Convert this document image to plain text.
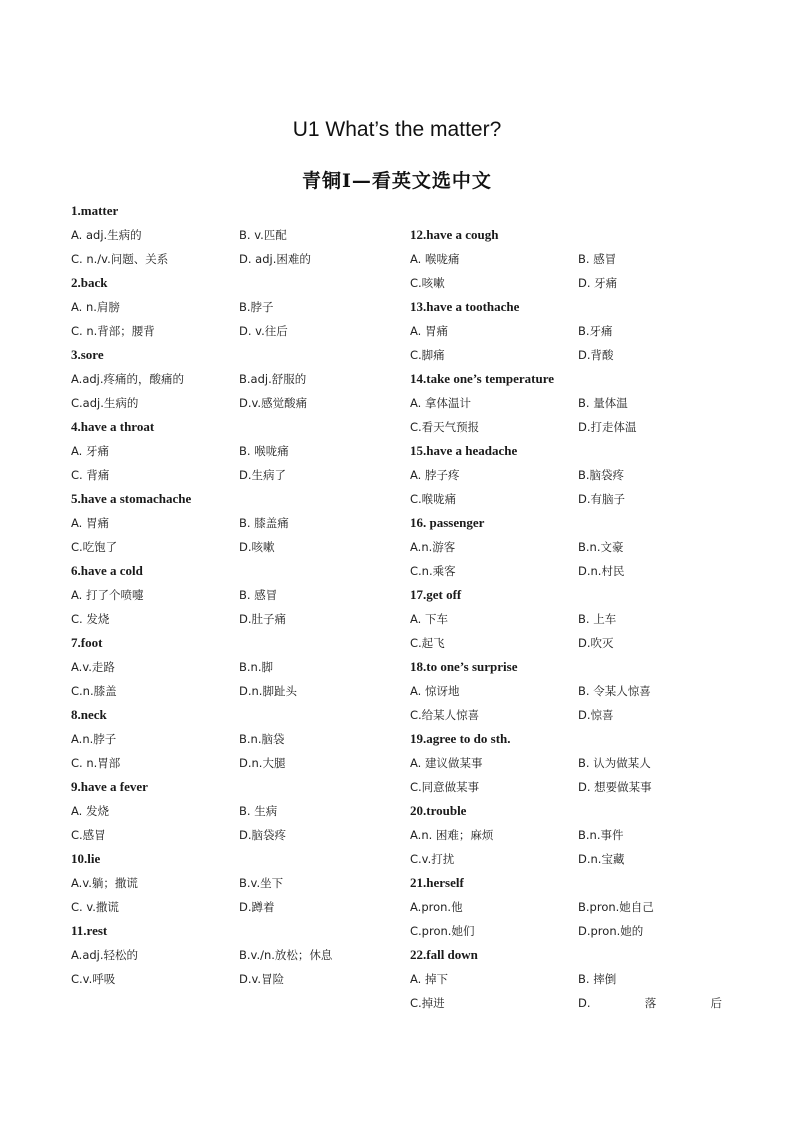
U1 What’s the matter?
青铜Ⅰ—看英文选中文
1.matter
A. adj.生病的	B. v.匹配
C. n./v.问题、关系	D. adj.困难的
2.back
A. n.肩膀	B.脖子
C. n.背部；腰背	D. v.往后
3.sore
A.adj.疼痛的，酸痛的	B.adj.舒服的
C.adj.生病的	D.v.感觉酸痛
4.have a throat
A. 牙痛	B. 喉咙痛
C. 背痛	D.生病了
5.have a stomachache
A. 胃痛	B. 膝盖痛
C.吃饱了	D.咳嗽
6.have a cold
A. 打了个喷嚏	B. 感冒
C. 发烧	D.肚子痛
7.foot
A.v.走路	B.n.脚
C.n.膝盖	D.n.脚趾头
8.neck
A.n.脖子	B.n.脑袋
C. n.胃部	D.n.大腿
9.have a fever
A. 发烧	B. 生病
C.感冒	D.脑袋疼
10.lie
A.v.躺；撒谎	B.v.坐下
C. v.撒谎	D.蹲着
11.rest
A.adj.轻松的	B.v./n.放松；休息
C.v.呼吸	D.v.冒险
12.have a cough
A. 喉咙痛	B. 感冒
C.咳嗽	D. 牙痛
13.have a toothache
A. 胃痛	B.牙痛
C.脚痛	D.背酸
14.take one’s temperature
A. 拿体温计	B. 量体温
C.看天气预报	D.打走体温
15.have a headache
A. 脖子疼	B.脑袋疼
C.喉咙痛	D.有脑子
16. passenger
A.n.游客	B.n.文豪
C.n.乘客	D.n.村民
17.get off
A. 下车	B. 上车
C.起飞	D.吹灭
18.to one’s surprise
A. 惊讶地	B. 令某人惊喜
C.给某人惊喜	D.惊喜
19.agree to do sth.
A. 建议做某事	B. 认为做某人
C.同意做某事	D. 想要做某事
20.trouble
A.n. 困难；麻烦	B.n.事件
C.v.打扰	D.n.宝藏
21.herself
A.pron.他	B.pron.她自己
C.pron.她们	D.pron.她的
22.fall down
A. 掉下	B. 摔倒
C.掉进	D.	落	后
